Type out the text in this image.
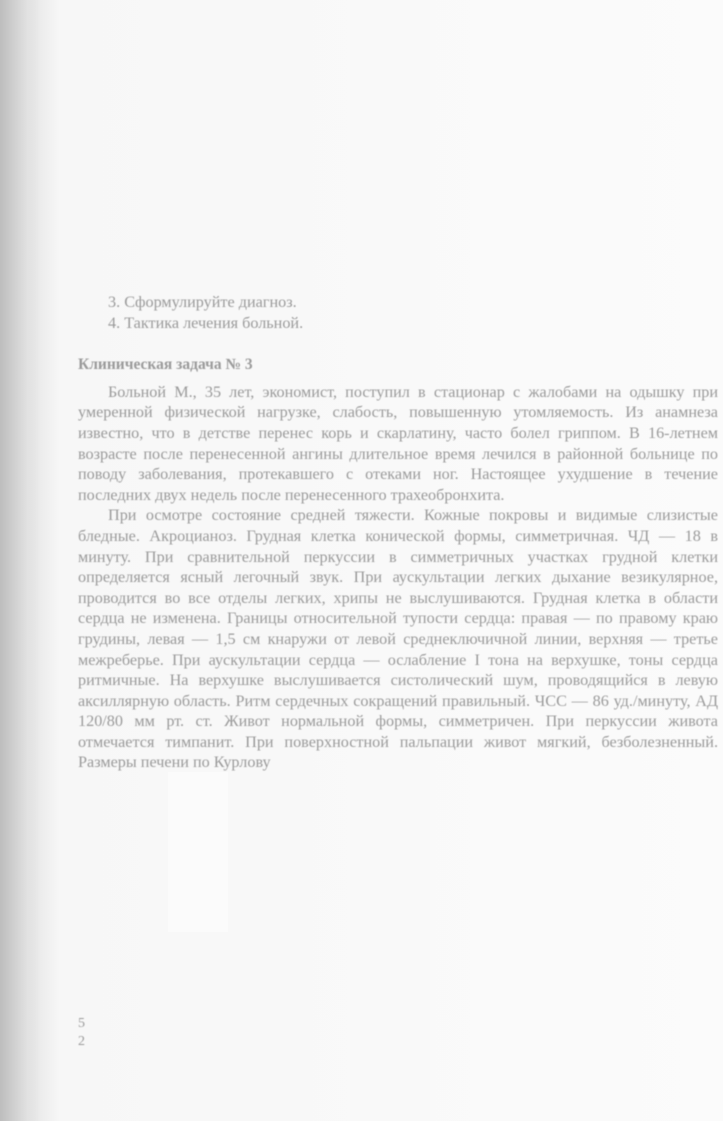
3. Сформулируйте диагноз.
4. Тактика лечения больной.
Клиническая задача № 3
Больной М., 35 лет, экономист, поступил в стационар с жалобами на одышку при умеренной физической нагрузке, слабость, повышенную утомляемость. Из анамнеза известно, что в детстве перенес корь и скарлатину, часто болел гриппом. В 16-летнем возрасте после перенесенной ангины длительное время лечился в районной больнице по поводу заболевания, протекавшего с отеками ног. Настоящее ухудшение в течение последних двух недель после перенесенного трахеобронхита.
При осмотре состояние средней тяжести. Кожные покровы и видимые слизистые бледные. Акроцианоз. Грудная клетка конической формы, симметричная. ЧД — 18 в минуту. При сравнительной перкуссии в симметричных участках грудной клетки определяется ясный легочный звук. При аускультации легких дыхание везикулярное, проводится во все отделы легких, хрипы не выслушиваются. Грудная клетка в области сердца не изменена. Границы относительной тупости сердца: правая — по правому краю грудины, левая — 1,5 см кнаружи от левой среднеключичной линии, верхняя — третье межреберье. При аускультации сердца — ослабление I тона на верхушке, тоны сердца ритмичные. На верхушке выслушивается систолический шум, проводящийся в левую аксиллярную область. Ритм сердечных сокращений правильный. ЧСС — 86 уд./минуту, АД 120/80 мм рт. ст. Живот нормальной формы, симметричен. При перкуссии живота отмечается тимпанит. При поверхностной пальпации живот мягкий, безболезненный. Размеры печени по Курлову
5
2
